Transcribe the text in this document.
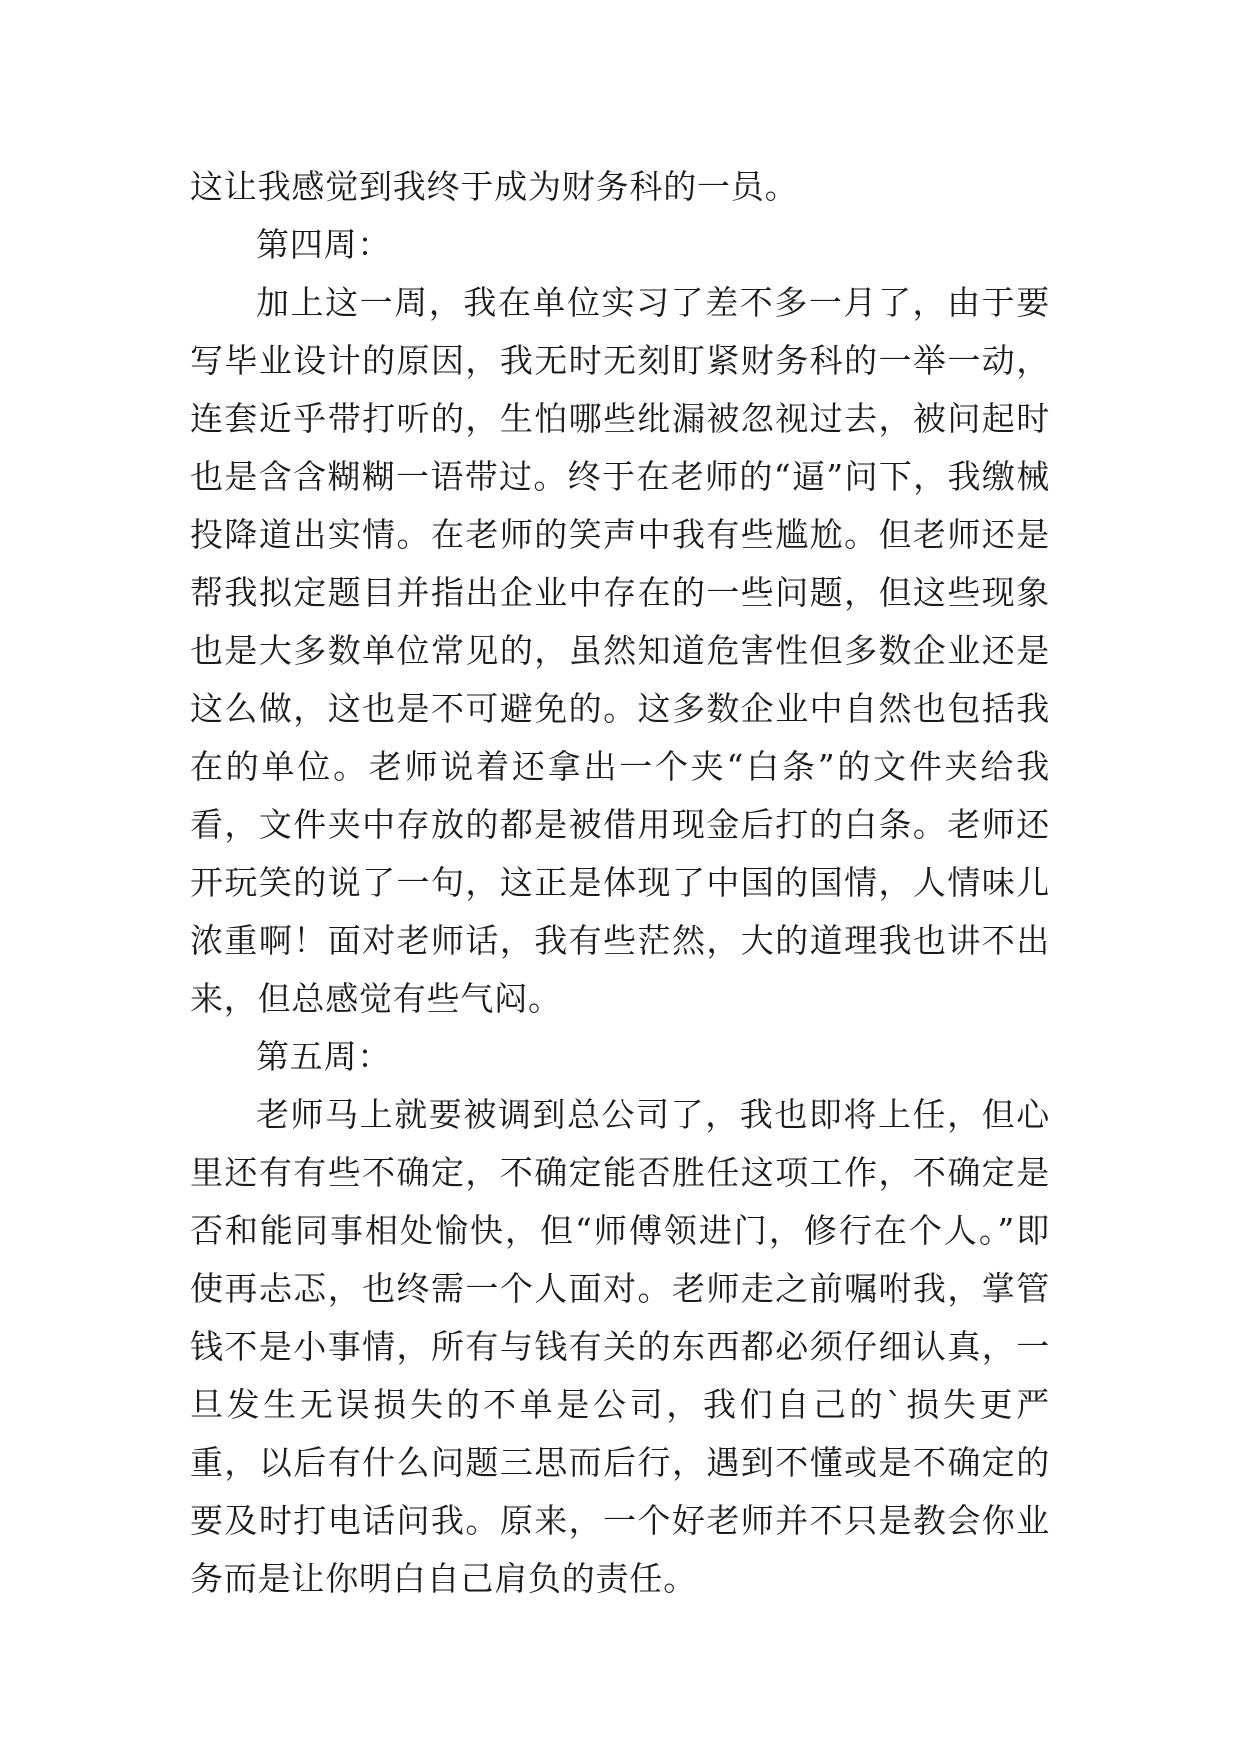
这让我感觉到我终于成为财务科的一员。

第四周：

加上这一周，我在单位实习了差不多一月了，由于要写毕业设计的原因，我无时无刻盯紧财务科的一举一动，连套近乎带打听的，生怕哪些纰漏被忽视过去，被问起时也是含含糊糊一语带过。终于在老师的“逼”问下，我缴械投降道出实情。在老师的笑声中我有些尴尬。但老师还是帮我拟定题目并指出企业中存在的一些问题，但这些现象也是大多数单位常见的，虽然知道危害性但多数企业还是这么做，这也是不可避免的。这多数企业中自然也包括我在的单位。老师说着还拿出一个夹“白条”的文件夹给我看，文件夹中存放的都是被借用现金后打的白条。老师还开玩笑的说了一句，这正是体现了中国的国情，人情味儿浓重啊！面对老师话，我有些茫然，大的道理我也讲不出来，但总感觉有些气闷。

第五周：

老师马上就要被调到总公司了，我也即将上任，但心里还有有些不确定，不确定能否胜任这项工作，不确定是否和能同事相处愉快，但“师傅领进门，修行在个人。”即使再忐忑，也终需一个人面对。老师走之前嘱咐我，掌管钱不是小事情，所有与钱有关的东西都必须仔细认真，一旦发生无误损失的不单是公司，我们自己的`损失更严重，以后有什么问题三思而后行，遇到不懂或是不确定的要及时打电话问我。原来，一个好老师并不只是教会你业务而是让你明白自己肩负的责任。
